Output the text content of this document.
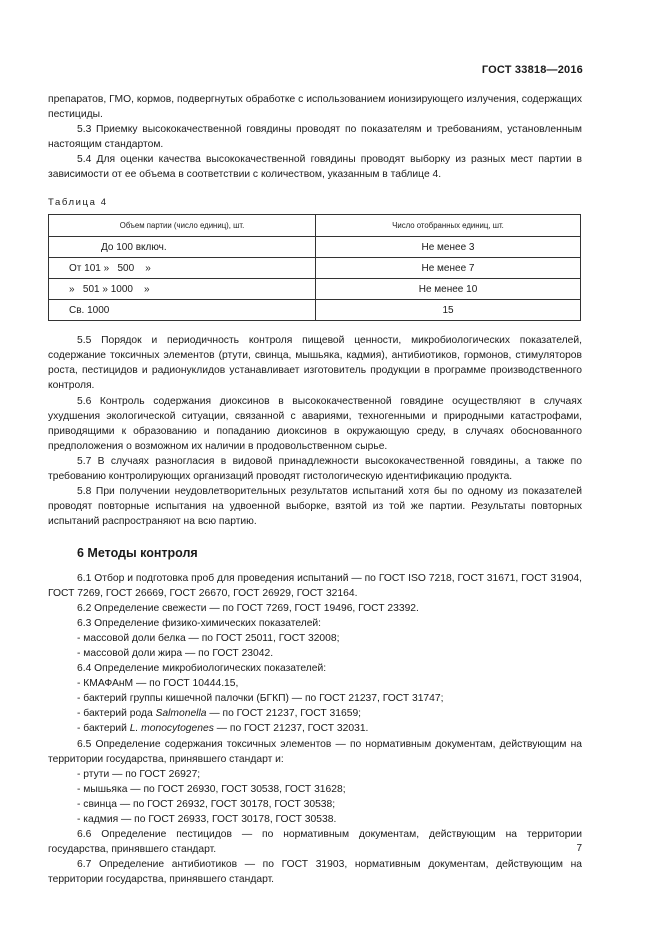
ГОСТ 33818—2016

препаратов, ГМО, кормов, подвергнутых обработке с использованием ионизирующего излучения, содержащих пестициды.

5.3 Приемку высококачественной говядины проводят по показателям и требованиям, установленным настоящим стандартом.

5.4 Для оценки качества высококачественной говядины проводят выборку из разных мест партии в зависимости от ее объема в соответствии с количеством, указанным в таблице 4.

Таблица 4
Объем партии (число единиц), шт.	Число отобранных единиц, шт.
До 100 включ.	Не менее 3
От 101 »   500    »	Не менее 7
»   501 » 1000    »	Не менее 10
Св. 1000	15

5.5 Порядок и периодичность контроля пищевой ценности, микробиологических показателей, содержание токсичных элементов (ртути, свинца, мышьяка, кадмия), антибиотиков, гормонов, стимуляторов роста, пестицидов и радионуклидов устанавливает изготовитель продукции в программе производственного контроля.

5.6 Контроль содержания диоксинов в высококачественной говядине осуществляют в случаях ухудшения экологической ситуации, связанной с авариями, техногенными и природными катастрофами, приводящими к образованию и попаданию диоксинов в окружающую среду, в случаях обоснованного предположения о возможном их наличии в продовольственном сырье.

5.7 В случаях разногласия в видовой принадлежности высококачественной говядины, а также по требованию контролирующих организаций проводят гистологическую идентификацию продукта.

5.8 При получении неудовлетворительных результатов испытаний хотя бы по одному из показателей проводят повторные испытания на удвоенной выборке, взятой из той же партии. Результаты повторных испытаний распространяют на всю партию.

6 Методы контроля

6.1 Отбор и подготовка проб для проведения испытаний — по ГОСТ ISO 7218, ГОСТ 31671, ГОСТ 31904, ГОСТ 7269, ГОСТ 26669, ГОСТ 26670, ГОСТ 26929, ГОСТ 32164.

6.2 Определение свежести — по ГОСТ 7269, ГОСТ 19496, ГОСТ 23392.

6.3 Определение физико-химических показателей:

- массовой доли белка — по ГОСТ 25011, ГОСТ 32008;

- массовой доли жира — по ГОСТ 23042.

6.4 Определение микробиологических показателей:

- КМАФАнМ — по ГОСТ 10444.15,

- бактерий группы кишечной палочки (БГКП) — по ГОСТ 21237, ГОСТ 31747;

- бактерий рода Salmonella — по ГОСТ 21237, ГОСТ 31659;

- бактерий L. monocytogenes — по ГОСТ 21237, ГОСТ 32031.

6.5 Определение содержания токсичных элементов — по нормативным документам, действующим на территории государства, принявшего стандарт и:

- ртути — по ГОСТ 26927;

- мышьяка — по ГОСТ 26930, ГОСТ 30538, ГОСТ 31628;

- свинца — по ГОСТ 26932, ГОСТ 30178, ГОСТ 30538;

- кадмия — по ГОСТ 26933, ГОСТ 30178, ГОСТ 30538.

6.6 Определение пестицидов — по нормативным документам, действующим на территории государства, принявшего стандарт.

6.7 Определение антибиотиков — по ГОСТ 31903, нормативным документам, действующим на территории государства, принявшего стандарт.

7
